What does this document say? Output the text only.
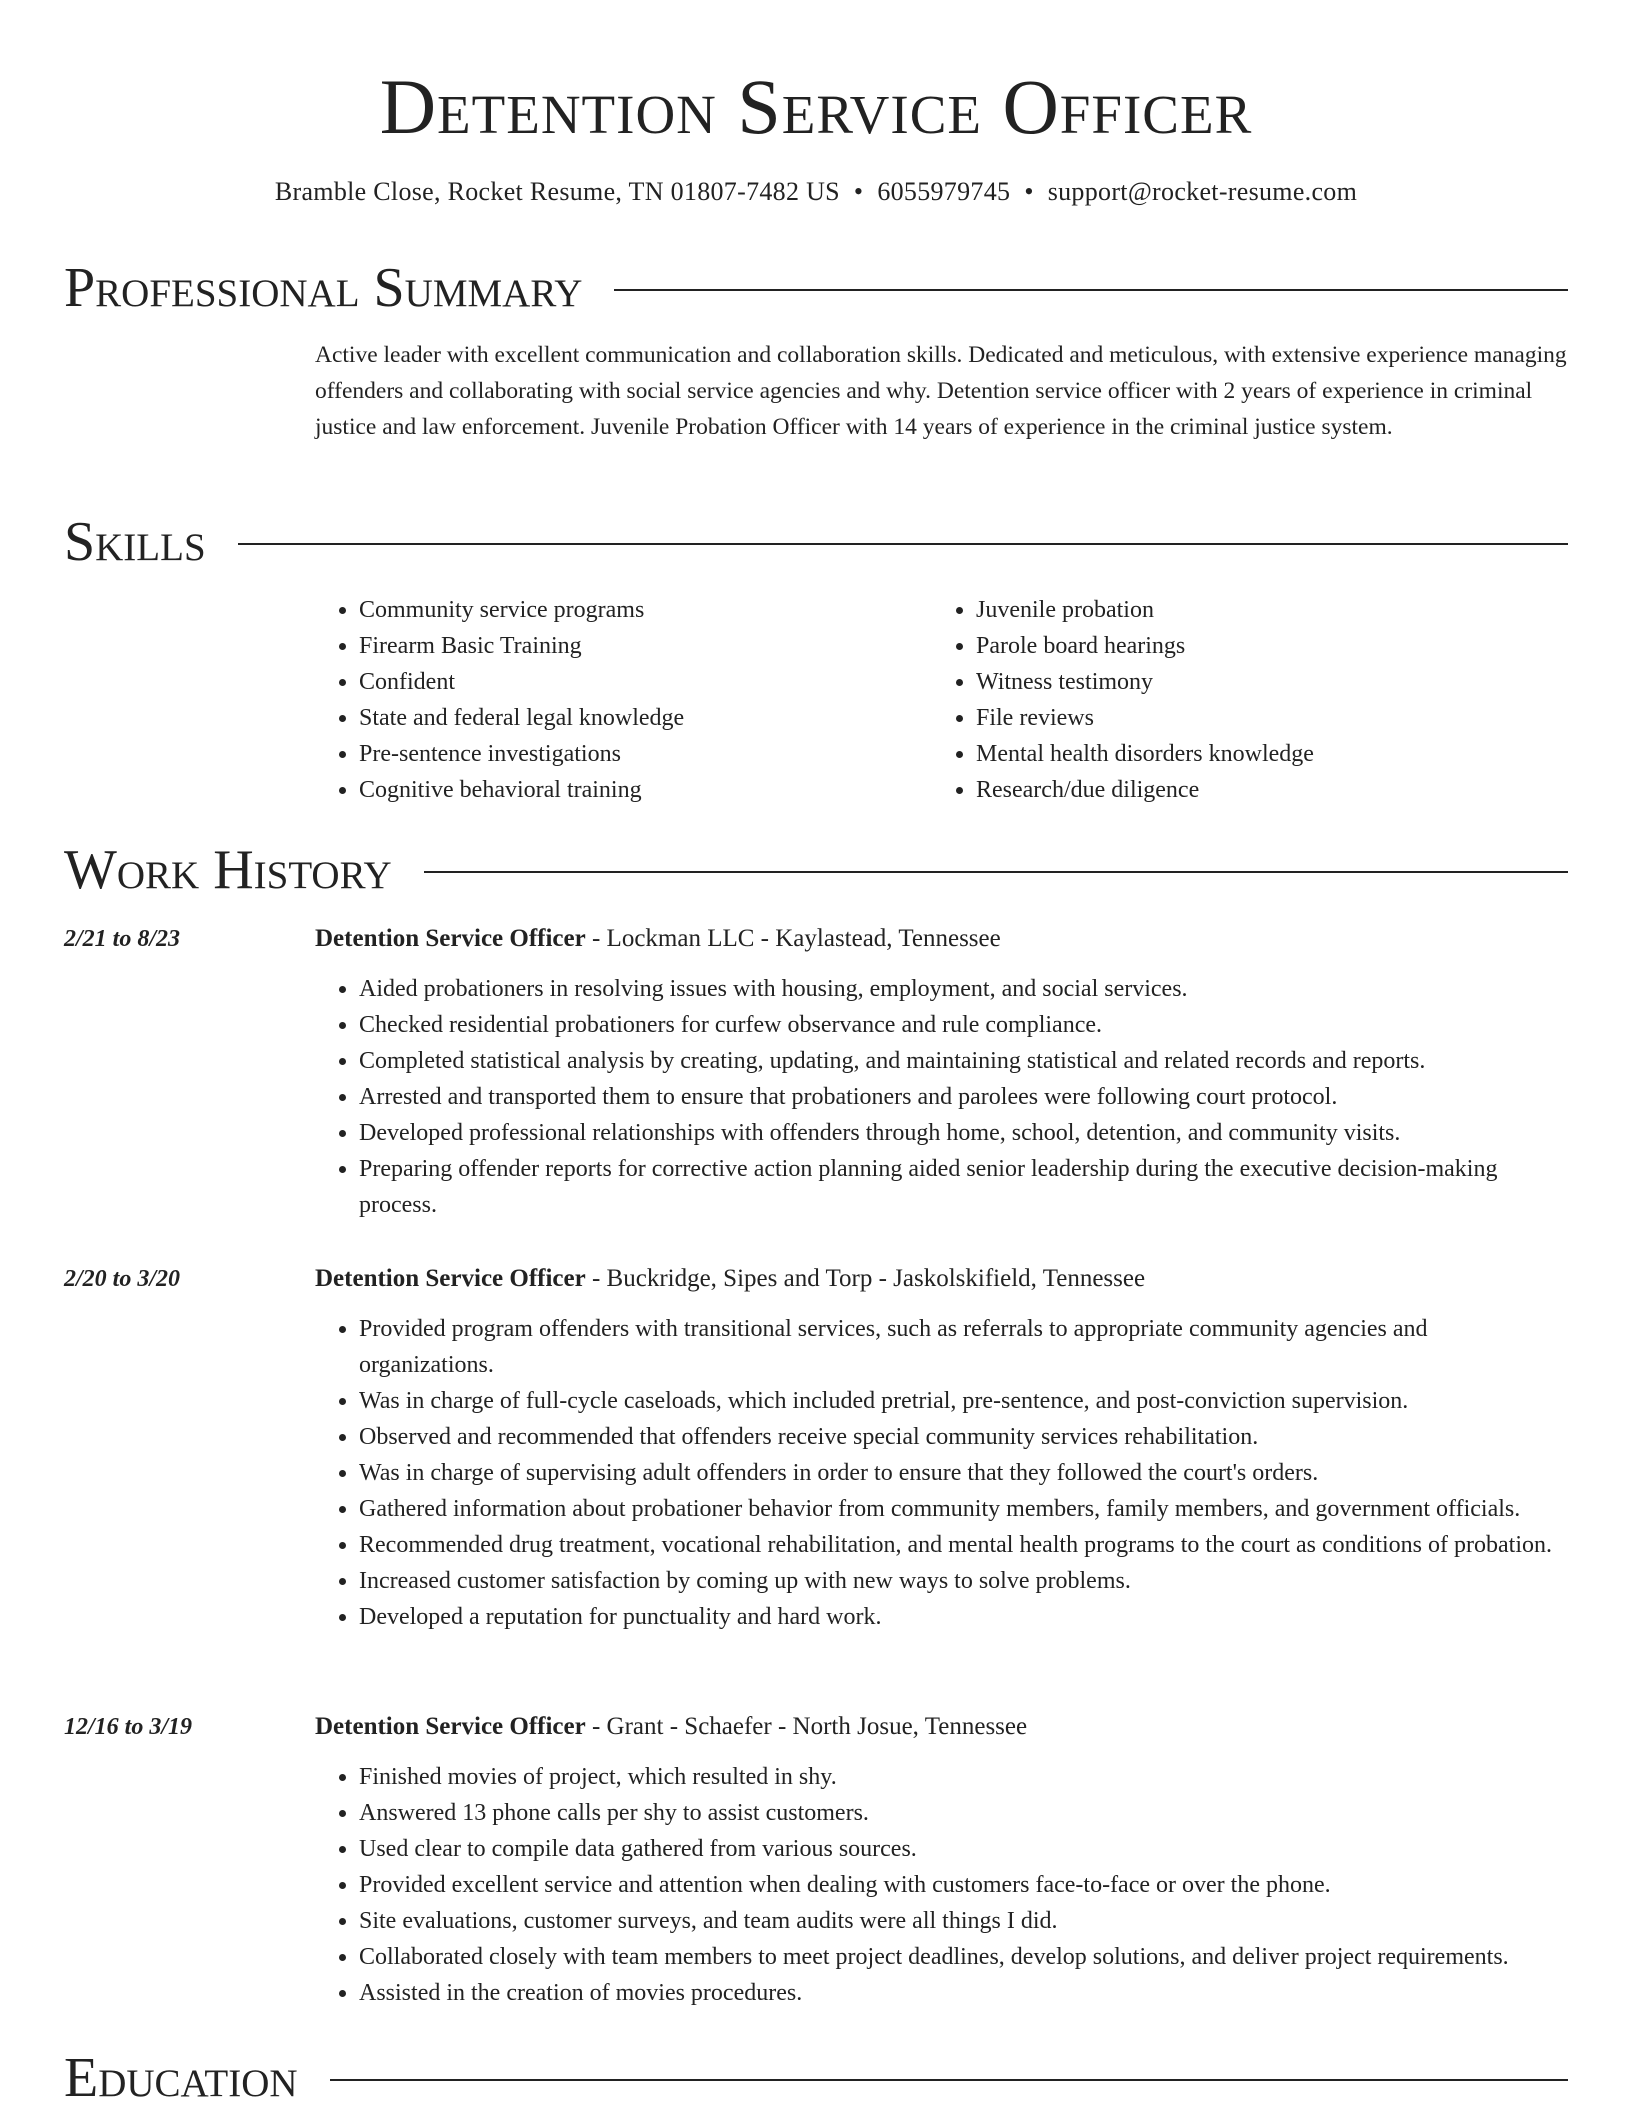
Detention Service Officer
Bramble Close, Rocket Resume, TN 01807-7482 US • 6055979745 • support@rocket-resume.com
Professional Summary

Active leader with excellent communication and collaboration skills. Dedicated and meticulous, with extensive experience managing offenders and collaborating with social service agencies and why. Detention service officer with 2 years of experience in criminal justice and law enforcement. Juvenile Probation Officer with 14 years of experience in the criminal justice system.

Skills
• Community service programs
• Firearm Basic Training
• Confident
• State and federal legal knowledge
• Pre-sentence investigations
• Cognitive behavioral training
• Juvenile probation
• Parole board hearings
• Witness testimony
• File reviews
• Mental health disorders knowledge
• Research/due diligence
Work History
2/21 to 8/23	Detention Service Officer - Lockman LLC - Kaylastead, Tennessee
• Aided probationers in resolving issues with housing, employment, and social services.
• Checked residential probationers for curfew observance and rule compliance.
• Completed statistical analysis by creating, updating, and maintaining statistical and related records and reports.
• Arrested and transported them to ensure that probationers and parolees were following court protocol.
• Developed professional relationships with offenders through home, school, detention, and community visits.
• Preparing offender reports for corrective action planning aided senior leadership during the executive decision-making process.
2/20 to 3/20	Detention Service Officer - Buckridge, Sipes and Torp - Jaskolskifield, Tennessee
• Provided program offenders with transitional services, such as referrals to appropriate community agencies and organizations.
• Was in charge of full-cycle caseloads, which included pretrial, pre-sentence, and post-conviction supervision.
• Observed and recommended that offenders receive special community services rehabilitation.
• Was in charge of supervising adult offenders in order to ensure that they followed the court's orders.
• Gathered information about probationer behavior from community members, family members, and government officials.
• Recommended drug treatment, vocational rehabilitation, and mental health programs to the court as conditions of probation.
• Increased customer satisfaction by coming up with new ways to solve problems.
• Developed a reputation for punctuality and hard work.
12/16 to 3/19	Detention Service Officer - Grant - Schaefer - North Josue, Tennessee
• Finished movies of project, which resulted in shy.
• Answered 13 phone calls per shy to assist customers.
• Used clear to compile data gathered from various sources.
• Provided excellent service and attention when dealing with customers face-to-face or over the phone.
• Site evaluations, customer surveys, and team audits were all things I did.
• Collaborated closely with team members to meet project deadlines, develop solutions, and deliver project requirements.
• Assisted in the creation of movies procedures.
Education
